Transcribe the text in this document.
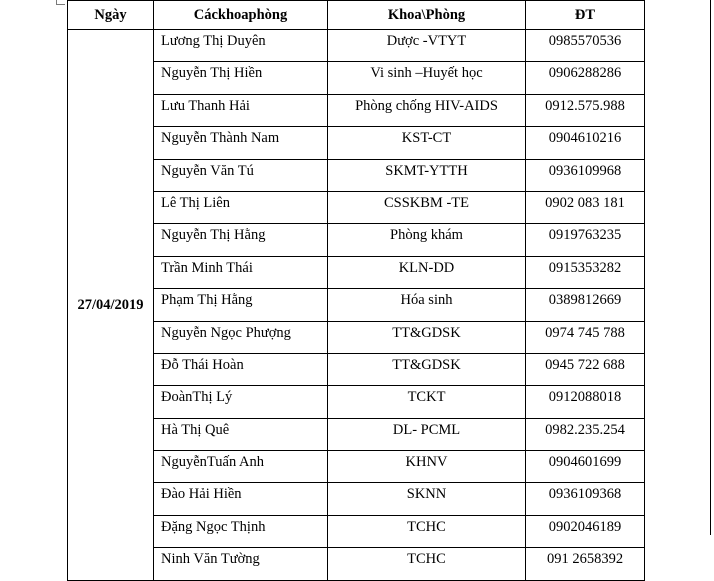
Ngày	Cáckhoaphòng	Khoa\Phòng	ĐT
27/04/2019	Lương Thị Duyên	Dược -VTYT	0985570536
	Nguyễn Thị Hiền	Vi sinh –Huyết học	0906288286
	Lưu Thanh Hải	Phòng chống HIV-AIDS	0912.575.988
	Nguyễn Thành Nam	KST-CT	0904610216
	Nguyễn Văn Tú	SKMT-YTTH	0936109968
	Lê Thị Liên	CSSKBM -TE	0902 083 181
	Nguyễn Thị Hằng	Phòng khám	0919763235
	Trần Minh Thái	KLN-DD	0915353282
	Phạm Thị Hằng	Hóa sinh	0389812669
	Nguyễn Ngọc Phượng	TT&GDSK	0974 745 788
	Đỗ Thái Hoàn	TT&GDSK	0945 722 688
	ĐoànThị Lý	TCKT	0912088018
	Hà Thị Quê	DL- PCML	0982.235.254
	NguyễnTuấn Anh	KHNV	0904601699
	Đào Hải Hiền	SKNN	0936109368
	Đặng Ngọc Thịnh	TCHC	0902046189
	Ninh Văn Tường	TCHC	091 2658392
